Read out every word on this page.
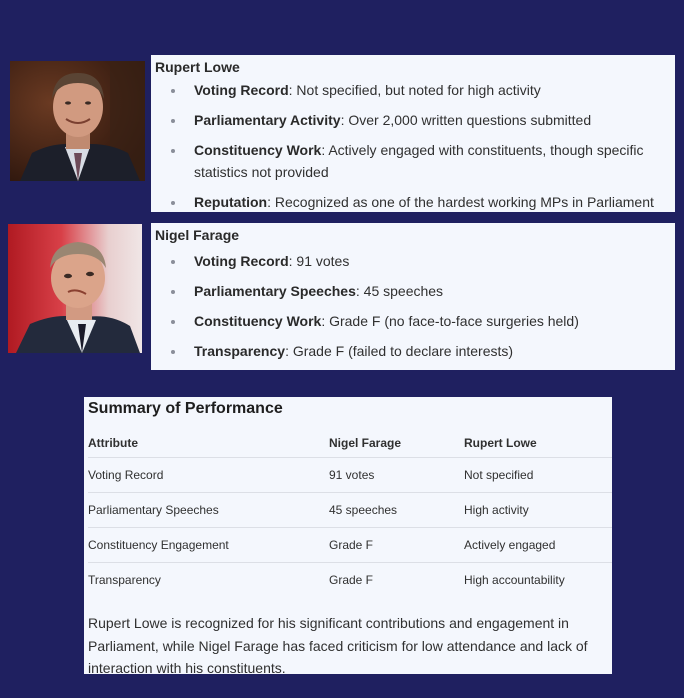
Rupert Lowe
Voting Record: Not specified, but noted for high activity
Parliamentary Activity: Over 2,000 written questions submitted
Constituency Work: Actively engaged with constituents, though specific statistics not provided
Reputation: Recognized as one of the hardest working MPs in Parliament
Nigel Farage
Voting Record: 91 votes
Parliamentary Speeches: 45 speeches
Constituency Work: Grade F (no face-to-face surgeries held)
Transparency: Grade F (failed to declare interests)
Summary of Performance
Attribute	Nigel Farage	Rupert Lowe
Voting Record	91 votes	Not specified
Parliamentary Speeches	45 speeches	High activity
Constituency Engagement	Grade F	Actively engaged
Transparency	Grade F	High accountability
Rupert Lowe is recognized for his significant contributions and engagement in Parliament, while Nigel Farage has faced criticism for low attendance and lack of interaction with his constituents.
